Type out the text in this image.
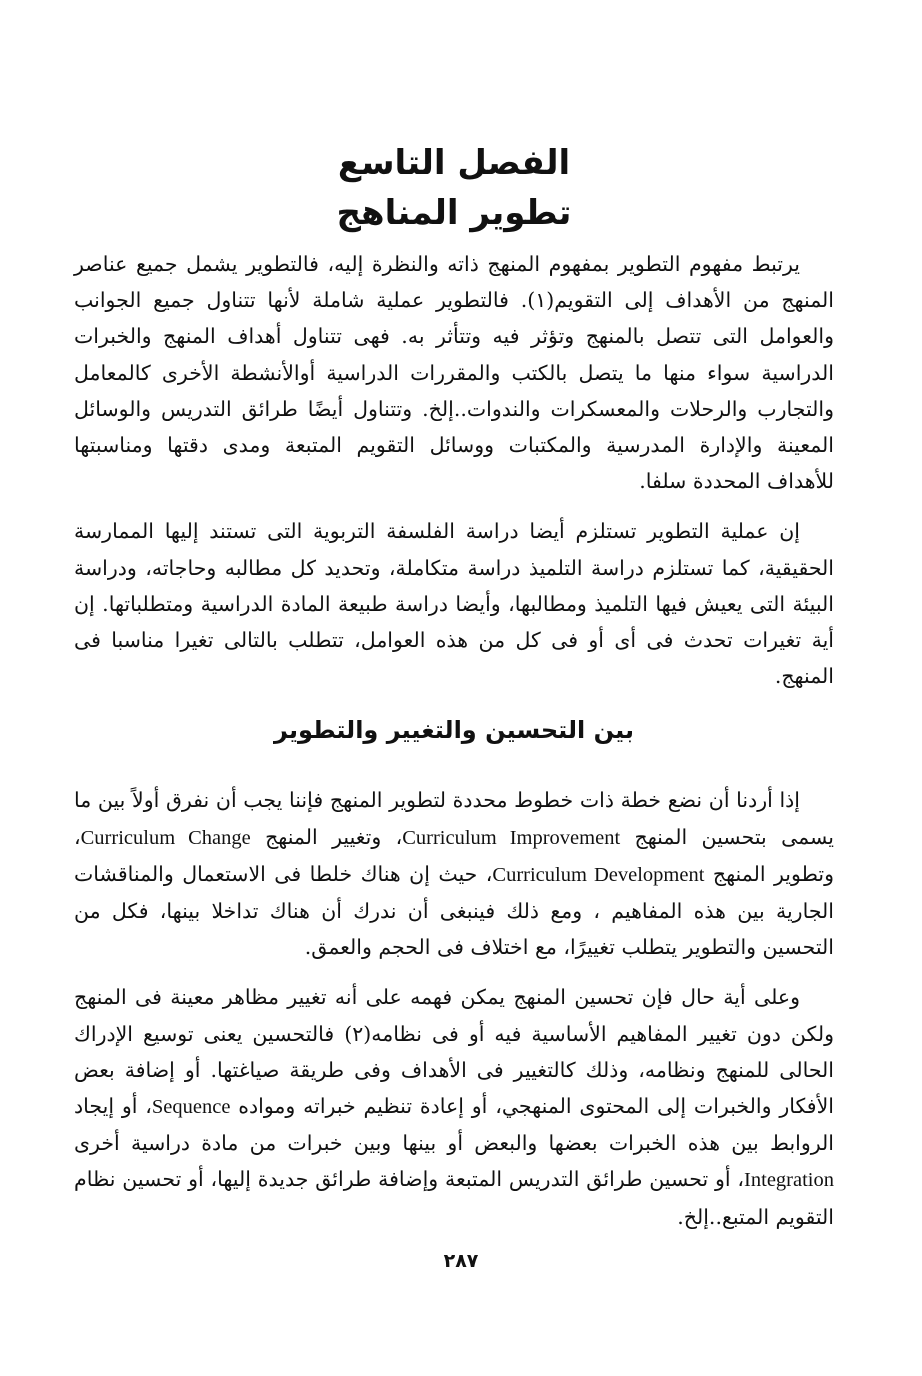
الفصل التاسع
تطوير المناهج

يرتبط مفهوم التطوير بمفهوم المنهج ذاته والنظرة إليه، فالتطوير يشمل جميع عناصر المنهج من الأهداف إلى التقويم(١). فالتطوير عملية شاملة لأنها تتناول جميع الجوانب والعوامل التى تتصل بالمنهج وتؤثر فيه وتتأثر به. فهى تتناول أهداف المنهج والخبرات الدراسية سواء منها ما يتصل بالكتب والمقررات الدراسية أوالأنشطة الأخرى كالمعامل والتجارب والرحلات والمعسكرات والندوات..إلخ. وتتناول أيضًا طرائق التدريس والوسائل المعينة والإدارة المدرسية والمكتبات ووسائل التقويم المتبعة ومدى دقتها ومناسبتها للأهداف المحددة سلفا.

إن عملية التطوير تستلزم أيضا دراسة الفلسفة التربوية التى تستند إليها الممارسة الحقيقية، كما تستلزم دراسة التلميذ دراسة متكاملة، وتحديد كل مطالبه وحاجاته، ودراسة البيئة التى يعيش فيها التلميذ ومطالبها، وأيضا دراسة طبيعة المادة الدراسية ومتطلباتها. إن أية تغيرات تحدث فى أى أو فى كل من هذه العوامل، تتطلب بالتالى تغيرا مناسبا فى المنهج.

بين التحسين والتغيير والتطوير

إذا أردنا أن نضع خطة ذات خطوط محددة لتطوير المنهج فإننا يجب أن نفرق أولاً بين ما يسمى بتحسين المنهج Curriculum Improvement، وتغيير المنهج Curriculum Change، وتطوير المنهج Curriculum Development، حيث إن هناك خلطا فى الاستعمال والمناقشات الجارية بين هذه المفاهيم ، ومع ذلك فينبغى أن ندرك أن هناك تداخلا بينها، فكل من التحسين والتطوير يتطلب تغييرًا، مع اختلاف فى الحجم والعمق.

وعلى أية حال فإن تحسين المنهج يمكن فهمه على أنه تغيير مظاهر معينة فى المنهج ولكن دون تغيير المفاهيم الأساسية فيه أو فى نظامه(٢) فالتحسين يعنى توسيع الإدراك الحالى للمنهج ونظامه، وذلك كالتغيير فى الأهداف وفى طريقة صياغتها. أو إضافة بعض الأفكار والخبرات إلى المحتوى المنهجي، أو إعادة تنظيم خبراته ومواده Sequence، أو إيجاد الروابط بين هذه الخبرات بعضها والبعض أو بينها وبين خبرات من مادة دراسية أخرى Integration، أو تحسين طرائق التدريس المتبعة وإضافة طرائق جديدة إليها، أو تحسين نظام التقويم المتبع..إلخ.

٢٨٧
